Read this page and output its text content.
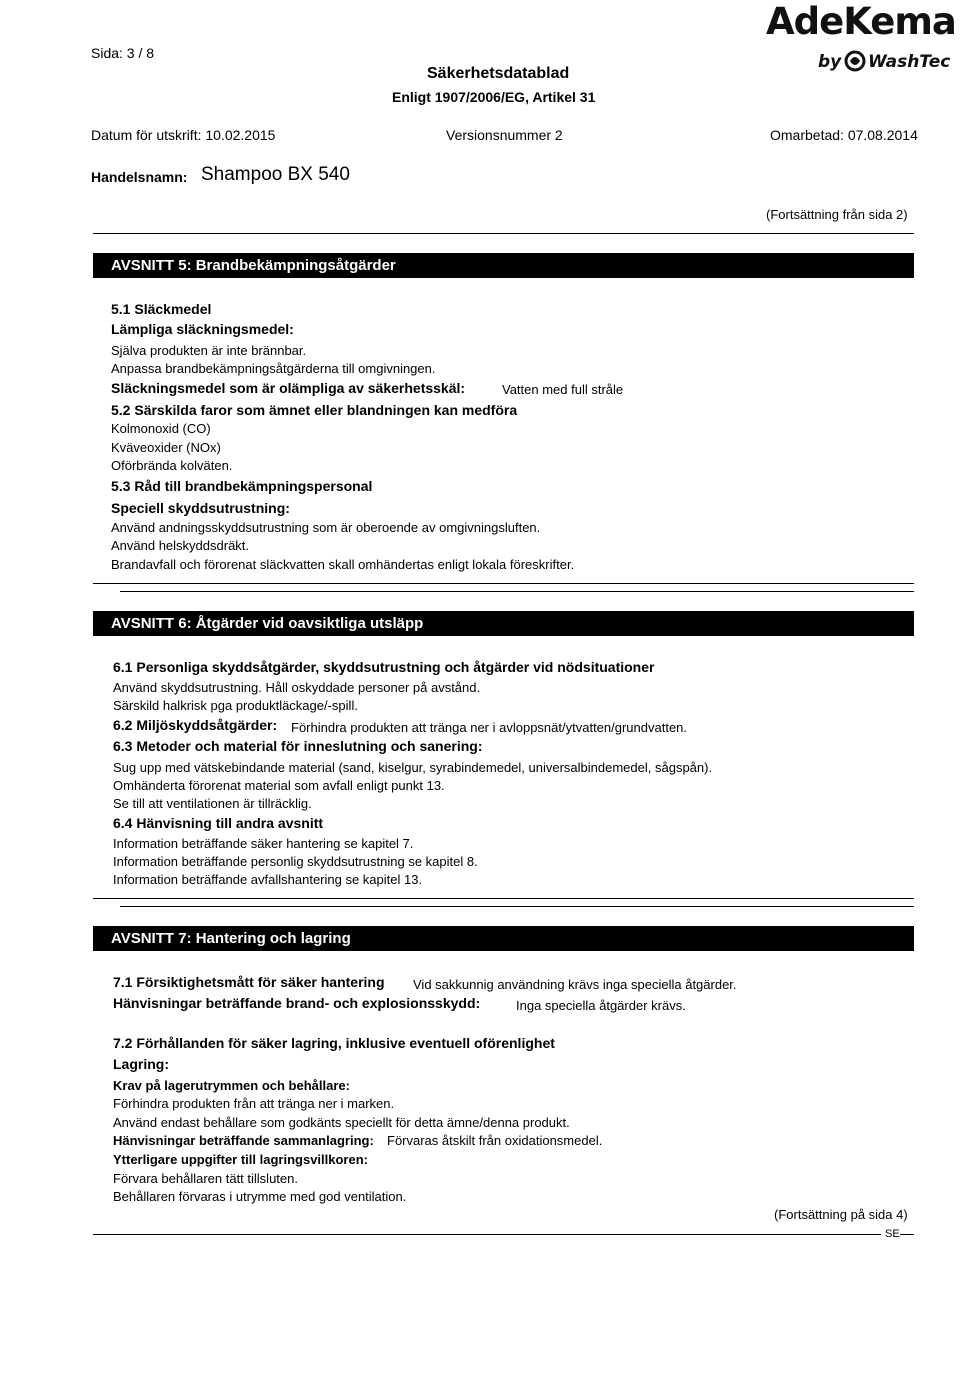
Sida: 3 / 8
Säkerhetsdatablad
Enligt 1907/2006/EG, Artikel 31
AdeKema
by WashTec
Datum för utskrift: 10.02.2015	Versionsnummer 2	Omarbetad: 07.08.2014
Handelsnamn: Shampoo BX 540
(Fortsättning från sida 2)
AVSNITT 5: Brandbekämpningsåtgärder
5.1 Släckmedel
Lämpliga släckningsmedel:
Själva produkten är inte brännbar.
Anpassa brandbekämpningsåtgärderna till omgivningen.
Släckningsmedel som är olämpliga av säkerhetsskäl:	Vatten med full stråle
5.2 Särskilda faror som ämnet eller blandningen kan medföra
Kolmonoxid (CO)
Kväveoxider (NOx)
Oförbrända kolväten.
5.3 Råd till brandbekämpningspersonal
Speciell skyddsutrustning:
Använd andningsskyddsutrustning som är oberoende av omgivningsluften.
Använd helskyddsdräkt.
Brandavfall och förorenat släckvatten skall omhändertas enligt lokala föreskrifter.
AVSNITT 6: Åtgärder vid oavsiktliga utsläpp
6.1 Personliga skyddsåtgärder, skyddsutrustning och åtgärder vid nödsituationer
Använd skyddsutrustning. Håll oskyddade personer på avstånd.
Särskild halkrisk pga produktläckage/-spill.
6.2 Miljöskyddsåtgärder: Förhindra produkten att tränga ner i avloppsnät/ytvatten/grundvatten.
6.3 Metoder och material för inneslutning och sanering:
Sug upp med vätskebindande material (sand, kiselgur, syrabindemedel, universalbindemedel, sågspån).
Omhänderta förorenat material som avfall enligt punkt 13.
Se till att ventilationen är tillräcklig.
6.4 Hänvisning till andra avsnitt
Information beträffande säker hantering se kapitel 7.
Information beträffande personlig skyddsutrustning se kapitel 8.
Information beträffande avfallshantering se kapitel 13.
AVSNITT 7: Hantering och lagring
7.1 Försiktighetsmått för säker hantering Vid sakkunnig användning krävs inga speciella åtgärder.
Hänvisningar beträffande brand- och explosionsskydd:	Inga speciella åtgärder krävs.
7.2 Förhållanden för säker lagring, inklusive eventuell oförenlighet
Lagring:
Krav på lagerutrymmen och behållare:
Förhindra produkten från att tränga ner i marken.
Använd endast behållare som godkänts speciellt för detta ämne/denna produkt.
Hänvisningar beträffande sammanlagring: Förvaras åtskilt från oxidationsmedel.
Ytterligare uppgifter till lagringsvillkoren:
Förvara behållaren tätt tillsluten.
Behållaren förvaras i utrymme med god ventilation.
(Fortsättning på sida 4)
SE
